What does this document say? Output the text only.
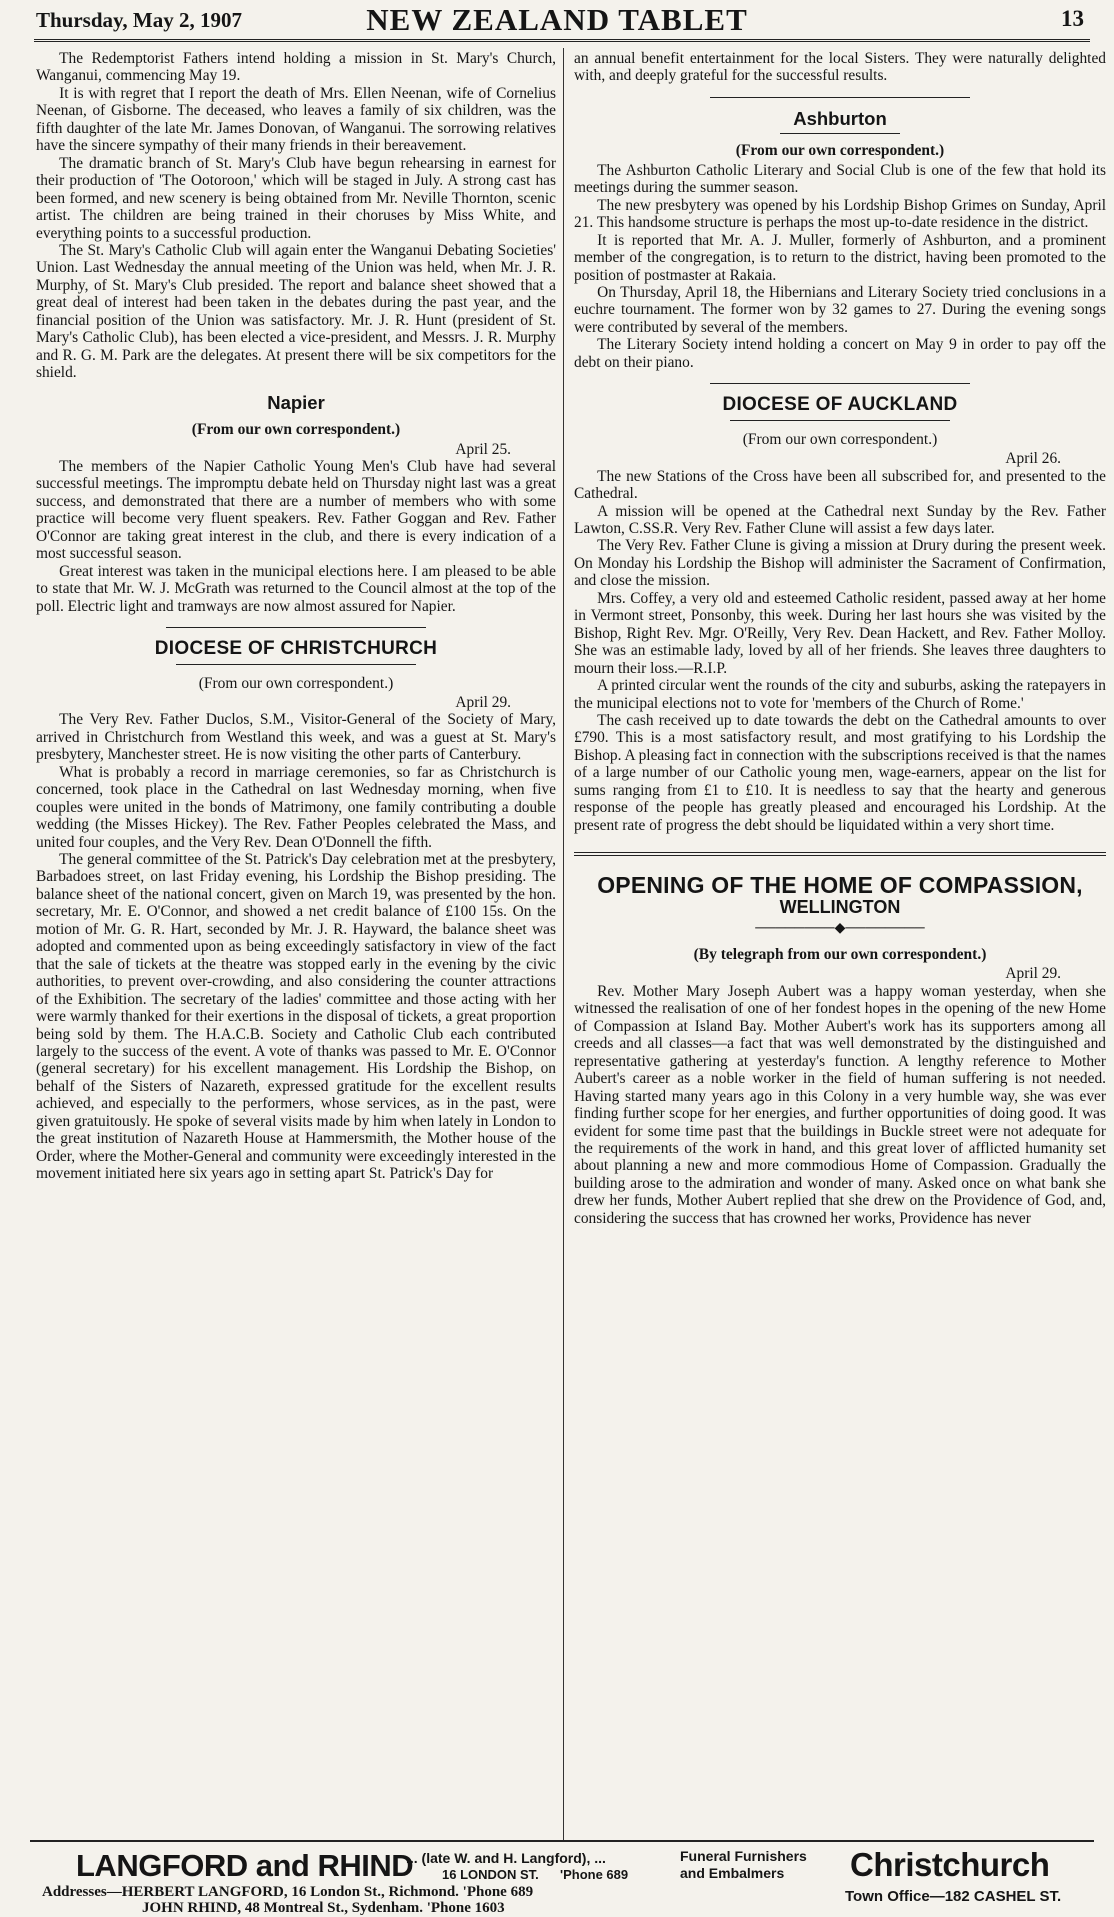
Thursday, May 2, 1907	NEW ZEALAND TABLET	13

The Redemptorist Fathers intend holding a mission in St. Mary's Church, Wanganui, commencing May 19.

It is with regret that I report the death of Mrs. Ellen Neenan, wife of Cornelius Neenan, of Gisborne. The deceased, who leaves a family of six children, was the fifth daughter of the late Mr. James Donovan, of Wanganui. The sorrowing relatives have the sincere sympathy of their many friends in their bereavement.

The dramatic branch of St. Mary's Club have begun rehearsing in earnest for their production of 'The Ootoroon,' which will be staged in July. A strong cast has been formed, and new scenery is being obtained from Mr. Neville Thornton, scenic artist. The children are being trained in their choruses by Miss White, and everything points to a successful production.

The St. Mary's Catholic Club will again enter the Wanganui Debating Societies' Union. Last Wednesday the annual meeting of the Union was held, when Mr. J. R. Murphy, of St. Mary's Club presided. The report and balance sheet showed that a great deal of interest had been taken in the debates during the past year, and the financial position of the Union was satisfactory. Mr. J. R. Hunt (president of St. Mary's Catholic Club), has been elected a vice-president, and Messrs. J. R. Murphy and R. G. M. Park are the delegates. At present there will be six competitors for the shield.

Napier
(From our own correspondent.)
April 25.

The members of the Napier Catholic Young Men's Club have had several successful meetings. The impromptu debate held on Thursday night last was a great success, and demonstrated that there are a number of members who with some practice will become very fluent speakers. Rev. Father Goggan and Rev. Father O'Connor are taking great interest in the club, and there is every indication of a most successful season.

Great interest was taken in the municipal elections here. I am pleased to be able to state that Mr. W. J. McGrath was returned to the Council almost at the top of the poll. Electric light and tramways are now almost assured for Napier.

DIOCESE OF CHRISTCHURCH
(From our own correspondent.)
April 29.

The Very Rev. Father Duclos, S.M., Visitor-General of the Society of Mary, arrived in Christchurch from Westland this week, and was a guest at St. Mary's presbytery, Manchester street. He is now visiting the other parts of Canterbury.

What is probably a record in marriage ceremonies, so far as Christchurch is concerned, took place in the Cathedral on last Wednesday morning, when five couples were united in the bonds of Matrimony, one family contributing a double wedding (the Misses Hickey). The Rev. Father Peoples celebrated the Mass, and united four couples, and the Very Rev. Dean O'Donnell the fifth.

The general committee of the St. Patrick's Day celebration met at the presbytery, Barbadoes street, on last Friday evening, his Lordship the Bishop presiding. The balance sheet of the national concert, given on March 19, was presented by the hon. secretary, Mr. E. O'Connor, and showed a net credit balance of £100 15s. On the motion of Mr. G. R. Hart, seconded by Mr. J. R. Hayward, the balance sheet was adopted and commented upon as being exceedingly satisfactory in view of the fact that the sale of tickets at the theatre was stopped early in the evening by the civic authorities, to prevent over-crowding, and also considering the counter attractions of the Exhibition. The secretary of the ladies' committee and those acting with her were warmly thanked for their exertions in the disposal of tickets, a great proportion being sold by them. The H.A.C.B. Society and Catholic Club each contributed largely to the success of the event. A vote of thanks was passed to Mr. E. O'Connor (general secretary) for his excellent management. His Lordship the Bishop, on behalf of the Sisters of Nazareth, expressed gratitude for the excellent results achieved, and especially to the performers, whose services, as in the past, were given gratuitously. He spoke of several visits made by him when lately in London to the great institution of Nazareth House at Hammersmith, the Mother house of the Order, where the Mother-General and community were exceedingly interested in the movement initiated here six years ago in setting apart St. Patrick's Day for

an annual benefit entertainment for the local Sisters. They were naturally delighted with, and deeply grateful for the successful results.

Ashburton
(From our own correspondent.)

The Ashburton Catholic Literary and Social Club is one of the few that hold its meetings during the summer season.

The new presbytery was opened by his Lordship Bishop Grimes on Sunday, April 21. This handsome structure is perhaps the most up-to-date residence in the district.

It is reported that Mr. A. J. Muller, formerly of Ashburton, and a prominent member of the congregation, is to return to the district, having been promoted to the position of postmaster at Rakaia.

On Thursday, April 18, the Hibernians and Literary Society tried conclusions in a euchre tournament. The former won by 32 games to 27. During the evening songs were contributed by several of the members.

The Literary Society intend holding a concert on May 9 in order to pay off the debt on their piano.

DIOCESE OF AUCKLAND
(From our own correspondent.)
April 26.

The new Stations of the Cross have been all subscribed for, and presented to the Cathedral.

A mission will be opened at the Cathedral next Sunday by the Rev. Father Lawton, C.SS.R. Very Rev. Father Clune will assist a few days later.

The Very Rev. Father Clune is giving a mission at Drury during the present week. On Monday his Lordship the Bishop will administer the Sacrament of Confirmation, and close the mission.

Mrs. Coffey, a very old and esteemed Catholic resident, passed away at her home in Vermont street, Ponsonby, this week. During her last hours she was visited by the Bishop, Right Rev. Mgr. O'Reilly, Very Rev. Dean Hackett, and Rev. Father Molloy. She was an estimable lady, loved by all of her friends. She leaves three daughters to mourn their loss.—R.I.P.

A printed circular went the rounds of the city and suburbs, asking the ratepayers in the municipal elections not to vote for 'members of the Church of Rome.'

The cash received up to date towards the debt on the Cathedral amounts to over £790. This is a most satisfactory result, and most gratifying to his Lordship the Bishop. A pleasing fact in connection with the subscriptions received is that the names of a large number of our Catholic young men, wage-earners, appear on the list for sums ranging from £1 to £10. It is needless to say that the hearty and generous response of the people has greatly pleased and encouraged his Lordship. At the present rate of progress the debt should be liquidated within a very short time.

OPENING OF THE HOME OF COMPASSION,
WELLINGTON
────────◆────────
(By telegraph from our own correspondent.)
April 29.

Rev. Mother Mary Joseph Aubert was a happy woman yesterday, when she witnessed the realisation of one of her fondest hopes in the opening of the new Home of Compassion at Island Bay. Mother Aubert's work has its supporters among all creeds and all classes—a fact that was well demonstrated by the distinguished and representative gathering at yesterday's function. A lengthy reference to Mother Aubert's career as a noble worker in the field of human suffering is not needed. Having started many years ago in this Colony in a very humble way, she was ever finding further scope for her energies, and further opportunities of doing good. It was evident for some time past that the buildings in Buckle street were not adequate for the requirements of the work in hand, and this great lover of afflicted humanity set about planning a new and more commodious Home of Compassion. Gradually the building arose to the admiration and wonder of many. Asked once on what bank she drew her funds, Mother Aubert replied that she drew on the Providence of God, and, considering the success that has crowned her works, Providence has never

LANGFORD and RHIND
... (late W. and H. Langford), ...
16 LONDON ST. 'Phone 689
Funeral Furnishers
and Embalmers	Christchurch
Addresses—HERBERT LANGFORD, 16 London St., Richmond. 'Phone 689
JOHN RHIND, 48 Montreal St., Sydenham. 'Phone 1603
Town Office—182 CASHEL ST.
